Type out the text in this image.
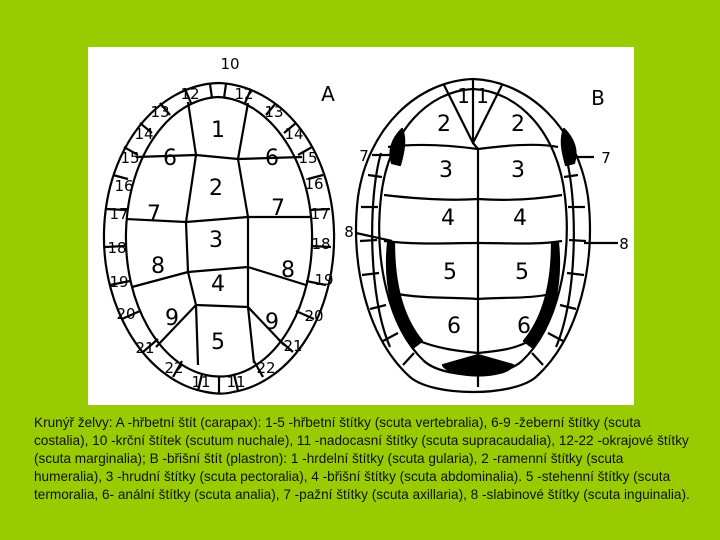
A
10
12 12
13	13
14	14
15	15
16	16
17	17
18	18
19	19
20	20
21	21
22	22
11 11
1
2
3
4
5
6	6
7	7
8	8
9	9
B
1 1
2	2
3	3
4	4
5	5
6	6
7	7
8
8
Krunýř želvy: A -hřbetní štít (carapax): 1-5 -hřbetní štítky (scuta vertebralia), 6-9 -žeberní štítky (scuta costalia), 10 -krční štítek (scutum nuchale), 11 -nadocasní štítky (scuta supracaudalia), 12-22 -okrajové štítky (scuta marginalia); B -břišní štít (plastron): 1 -hrdelní štítky (scuta gularia), 2 -ramenní štítky (scuta humeralia), 3 -hrudní štítky (scuta pectoralia), 4 -břišní štítky (scuta abdominalia). 5 -stehenní štítky (scuta termoralia, 6- anální štítky (scuta analia), 7 -pažní štítky (scuta axillaria), 8 -slabinové štítky (scuta inguinalia).
